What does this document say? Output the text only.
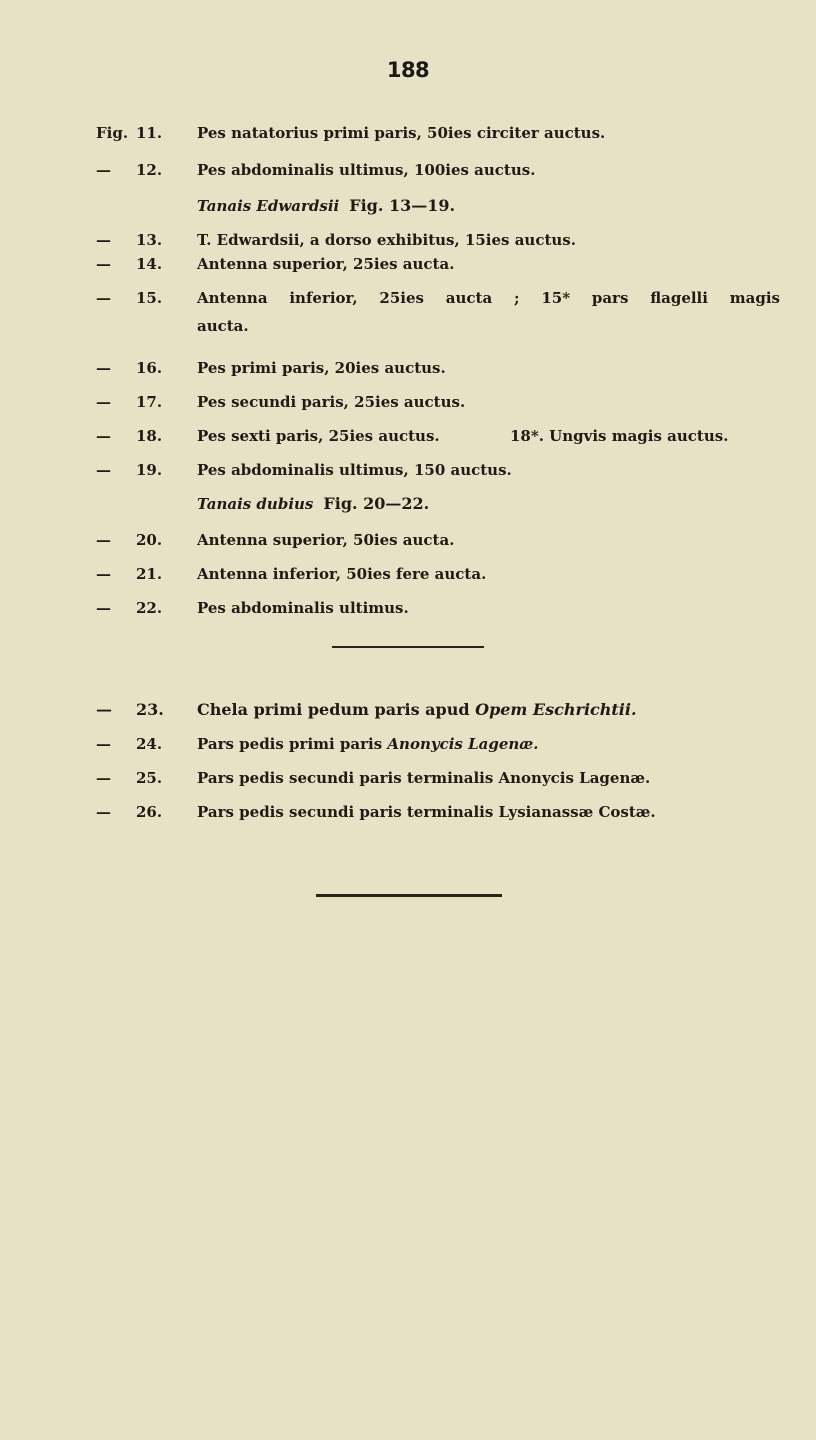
188
Fig. 11.	Pes natatorius primi paris, 50ies circiter auctus.
—	12.	Pes abdominalis ultimus, 100ies auctus.
Tanais Edwardsii Fig. 13—19.
—	13.	T. Edwardsii, a dorso exhibitus, 15ies auctus.
—	14.	Antenna superior, 25ies aucta.
—	15.	Antenna inferior, 25ies aucta ; 15* pars flagelli magis
aucta.
—	16.	Pes primi paris, 20ies auctus.
—	17.	Pes secundi paris, 25ies auctus.
—	18.	Pes sexti paris, 25ies auctus.	18*. Ungvis magis auctus.
—	19.	Pes abdominalis ultimus, 150 auctus.
Tanais dubius Fig. 20—22.
—	20.	Antenna superior, 50ies aucta.
—	21.	Antenna inferior, 50ies fere aucta.
—	22.	Pes abdominalis ultimus.
—	23.	Chela primi pedum paris apud Opem Eschrichtii.
—	24.	Pars pedis primi paris Anonycis Lagenæ.
—	25.	Pars pedis secundi paris terminalis Anonycis Lagenæ.
—	26.	Pars pedis secundi paris terminalis Lysianassæ Costæ.
